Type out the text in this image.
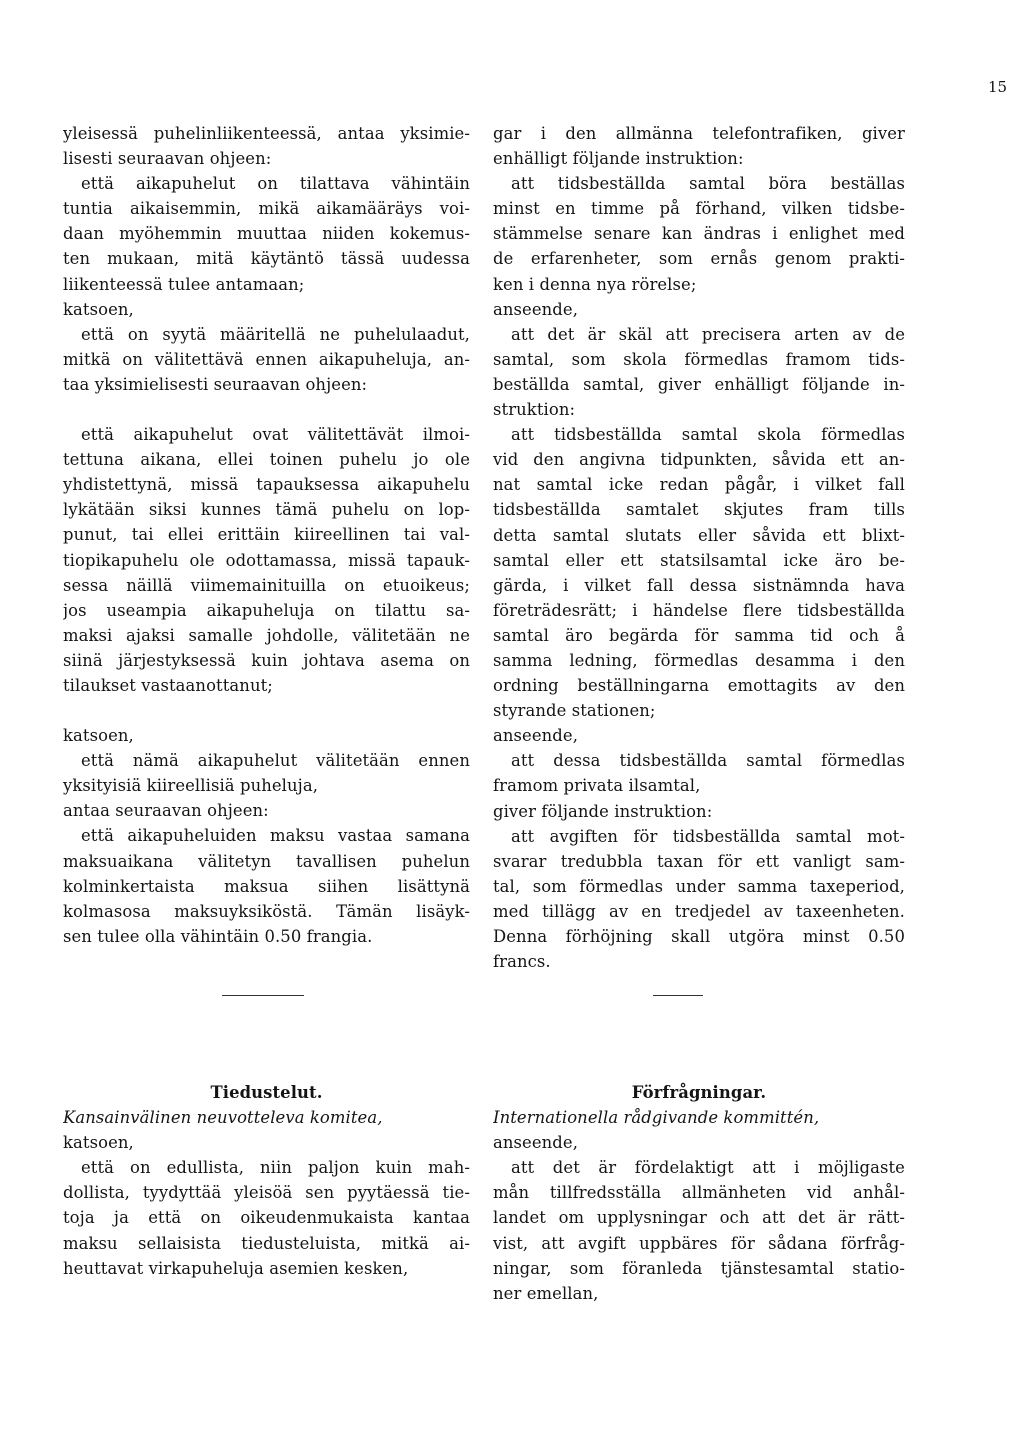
15
yleisessä puhelinliikenteessä, antaa yksimie-
lisesti seuraavan ohjeen:
että aikapuhelut on tilattava vähintäin
tuntia aikaisemmin, mikä aikamääräys voi-
daan myöhemmin muuttaa niiden kokemus-
ten mukaan, mitä käytäntö tässä uudessa
liikenteessä tulee antamaan;
katsoen,
että on syytä määritellä ne puhelulaadut,
mitkä on välitettävä ennen aikapuheluja, an-
taa yksimielisesti seuraavan ohjeen:
että aikapuhelut ovat välitettävät ilmoi-
tettuna aikana, ellei toinen puhelu jo ole
yhdistettynä, missä tapauksessa aikapuhelu
lykätään siksi kunnes tämä puhelu on lop-
punut, tai ellei erittäin kiireellinen tai val-
tiopikapuhelu ole odottamassa, missä tapauk-
sessa näillä viimemainituilla on etuoikeus;
jos useampia aikapuheluja on tilattu sa-
maksi ajaksi samalle johdolle, välitetään ne
siinä järjestyksessä kuin johtava asema on
tilaukset vastaanottanut;
katsoen,
että nämä aikapuhelut välitetään ennen
yksityisiä kiireellisiä puheluja,
antaa seuraavan ohjeen:
että aikapuheluiden maksu vastaa samana
maksuaikana välitetyn tavallisen puhelun
kolminkertaista maksua siihen lisättynä
kolmasosa maksuyksiköstä. Tämän lisäyk-
sen tulee olla vähintäin 0.50 frangia.
gar i den allmänna telefontrafiken, giver
enhälligt följande instruktion:
att tidsbeställda samtal böra beställas
minst en timme på förhand, vilken tidsbe-
stämmelse senare kan ändras i enlighet med
de erfarenheter, som ernås genom prakti-
ken i denna nya rörelse;
anseende,
att det är skäl att precisera arten av de
samtal, som skola förmedlas framom tids-
beställda samtal, giver enhälligt följande in-
struktion:
att tidsbeställda samtal skola förmedlas
vid den angivna tidpunkten, såvida ett an-
nat samtal icke redan pågår, i vilket fall
tidsbeställda samtalet skjutes fram tills
detta samtal slutats eller såvida ett blixt-
samtal eller ett statsilsamtal icke äro be-
gärda, i vilket fall dessa sistnämnda hava
företrädesrätt; i händelse flere tidsbeställda
samtal äro begärda för samma tid och å
samma ledning, förmedlas desamma i den
ordning beställningarna emottagits av den
styrande stationen;
anseende,
att dessa tidsbeställda samtal förmedlas
framom privata ilsamtal,
giver följande instruktion:
att avgiften för tidsbeställda samtal mot-
svarar tredubbla taxan för ett vanligt sam-
tal, som förmedlas under samma taxeperiod,
med tillägg av en tredjedel av taxeenheten.
Denna förhöjning skall utgöra minst 0.50
francs.
Tiedustelut.
Kansainvälinen neuvotteleva komitea,
katsoen,
että on edullista, niin paljon kuin mah-
dollista, tyydyttää yleisöä sen pyytäessä tie-
toja ja että on oikeudenmukaista kantaa
maksu sellaisista tiedusteluista, mitkä ai-
heuttavat virkapuheluja asemien kesken,
Förfrågningar.
Internationella rådgivande kommittén,
anseende,
att det är fördelaktigt att i möjligaste
mån tillfredsställa allmänheten vid anhål-
landet om upplysningar och att det är rätt-
vist, att avgift uppbäres för sådana förfråg-
ningar, som föranleda tjänstesamtal statio-
ner emellan,
